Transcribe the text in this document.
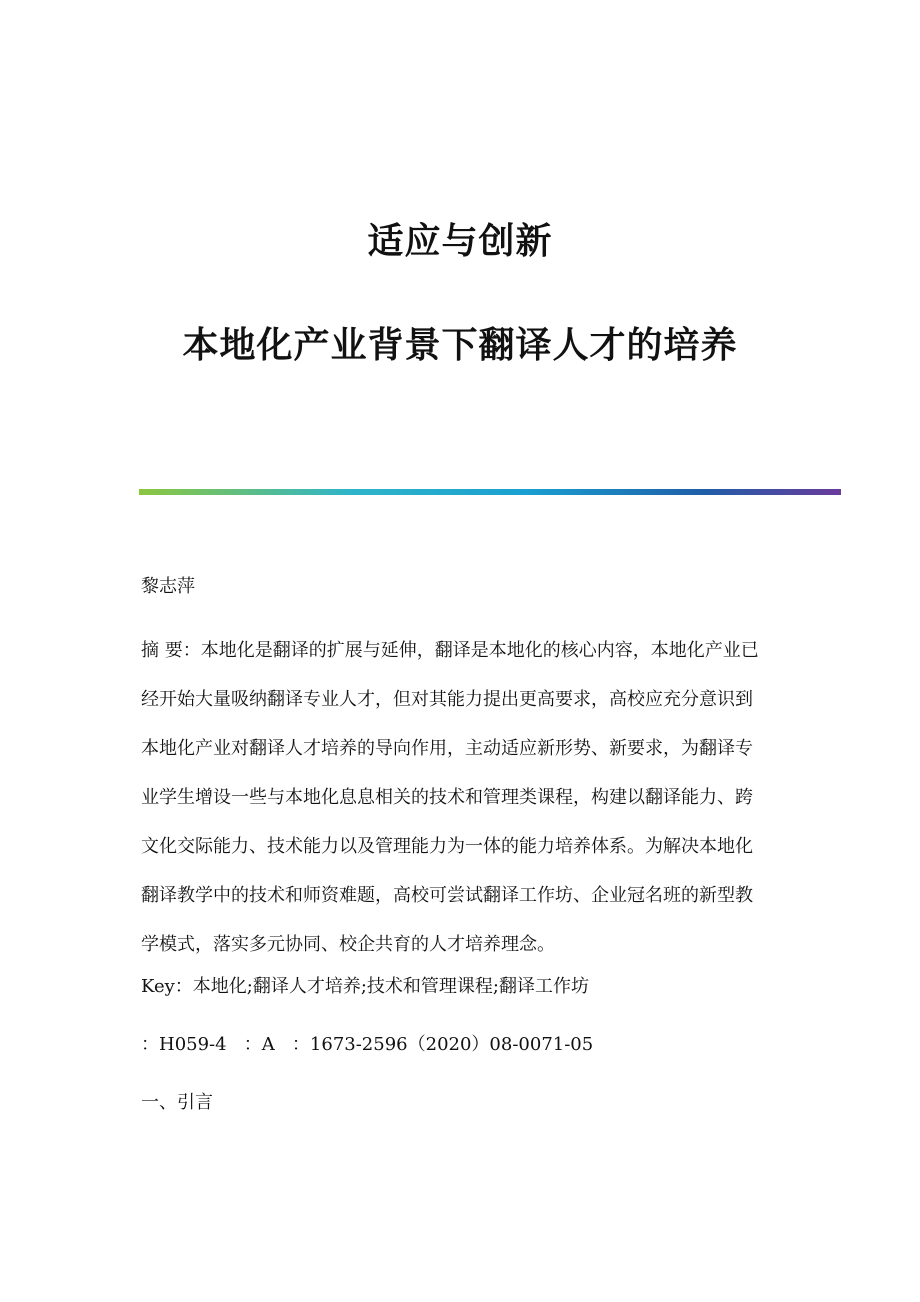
适应与创新
本地化产业背景下翻译人才的培养
黎志萍
摘 要：本地化是翻译的扩展与延伸，翻译是本地化的核心内容，本地化产业已
经开始大量吸纳翻译专业人才，但对其能力提出更高要求，高校应充分意识到
本地化产业对翻译人才培养的导向作用，主动适应新形势、新要求，为翻译专
业学生增设一些与本地化息息相关的技术和管理类课程，构建以翻译能力、跨
文化交际能力、技术能力以及管理能力为一体的能力培养体系。为解决本地化
翻译教学中的技术和师资难题，高校可尝试翻译工作坊、企业冠名班的新型教
学模式，落实多元协同、校企共育的人才培养理念。
Key：本地化;翻译人才培养;技术和管理课程;翻译工作坊
：H059-4   ：A   ：1673-2596（2020）08-0071-05
一、引言
